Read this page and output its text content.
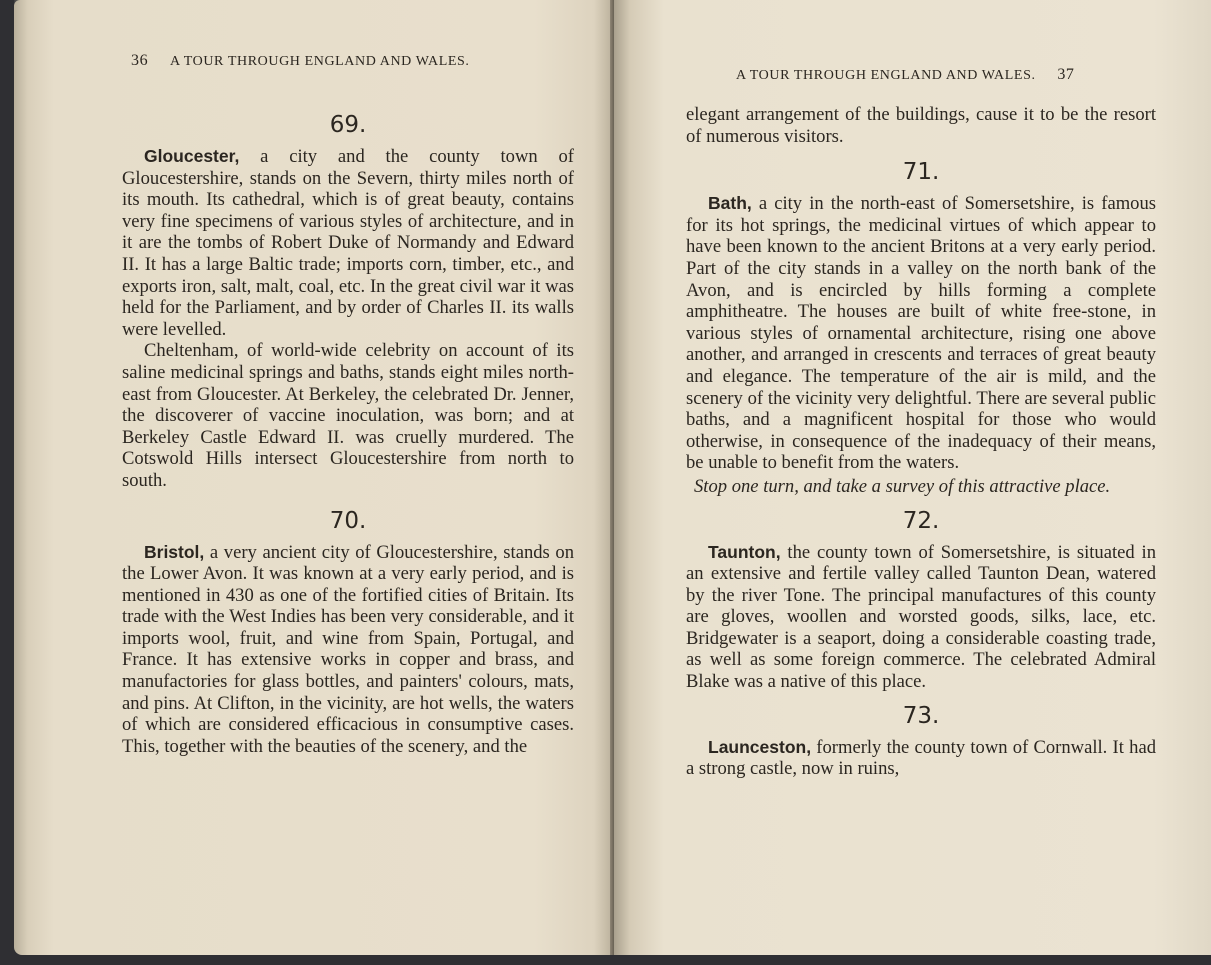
36 A TOUR THROUGH ENGLAND AND WALES.
69.

Gloucester, a city and the county town of Gloucestershire, stands on the Severn, thirty miles north of its mouth. Its cathedral, which is of great beauty, contains very fine specimens of various styles of architecture, and in it are the tombs of Robert Duke of Normandy and Edward II. It has a large Baltic trade; imports corn, timber, etc., and exports iron, salt, malt, coal, etc. In the great civil war it was held for the Parliament, and by order of Charles II. its walls were levelled.

Cheltenham, of world-wide celebrity on account of its saline medicinal springs and baths, stands eight miles north-east from Gloucester. At Berkeley, the celebrated Dr. Jenner, the discoverer of vaccine inoculation, was born; and at Berkeley Castle Edward II. was cruelly murdered. The Cotswold Hills intersect Gloucestershire from north to south.

70.

Bristol, a very ancient city of Gloucestershire, stands on the Lower Avon. It was known at a very early period, and is mentioned in 430 as one of the fortified cities of Britain. Its trade with the West Indies has been very considerable, and it imports wool, fruit, and wine from Spain, Portugal, and France. It has extensive works in copper and brass, and manufactories for glass bottles, and painters' colours, mats, and pins. At Clifton, in the vicinity, are hot wells, the waters of which are considered efficacious in consumptive cases. This, together with the beauties of the scenery, and the

A TOUR THROUGH ENGLAND AND WALES. 37

elegant arrangement of the buildings, cause it to be the resort of numerous visitors.

71.

Bath, a city in the north-east of Somersetshire, is famous for its hot springs, the medicinal virtues of which appear to have been known to the ancient Britons at a very early period. Part of the city stands in a valley on the north bank of the Avon, and is encircled by hills forming a complete amphitheatre. The houses are built of white free-stone, in various styles of ornamental architecture, rising one above another, and arranged in crescents and terraces of great beauty and elegance. The temperature of the air is mild, and the scenery of the vicinity very delightful. There are several public baths, and a magnificent hospital for those who would otherwise, in consequence of the inadequacy of their means, be unable to benefit from the waters.

Stop one turn, and take a survey of this attractive place.

72.

Taunton, the county town of Somersetshire, is situated in an extensive and fertile valley called Taunton Dean, watered by the river Tone. The principal manufactures of this county are gloves, woollen and worsted goods, silks, lace, etc. Bridgewater is a seaport, doing a considerable coasting trade, as well as some foreign commerce. The celebrated Admiral Blake was a native of this place.

73.

Launceston, formerly the county town of Cornwall. It had a strong castle, now in ruins,
